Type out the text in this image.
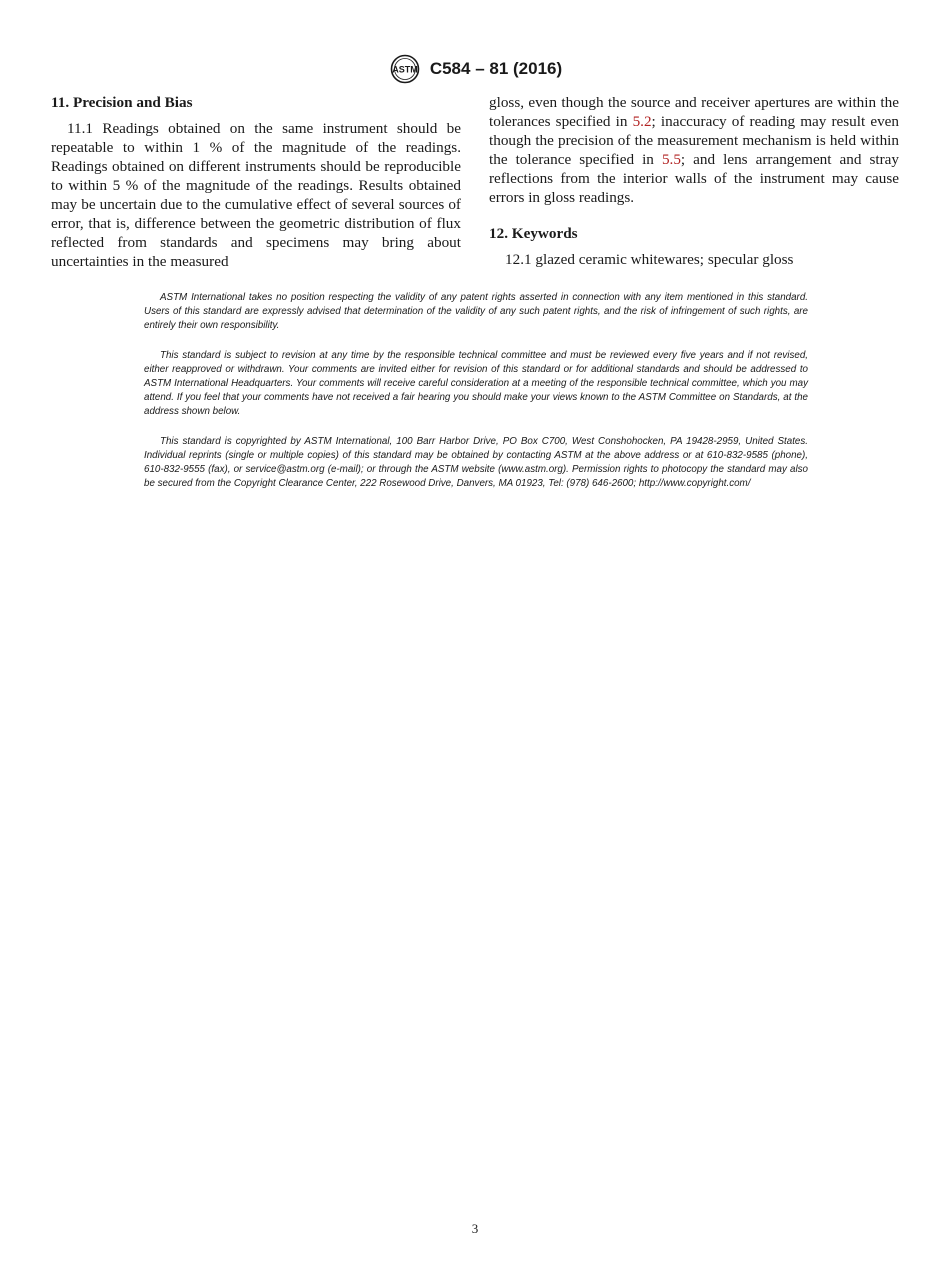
ASTM C584 – 81 (2016)
11. Precision and Bias

11.1 Readings obtained on the same instrument should be repeatable to within 1 % of the magnitude of the readings. Readings obtained on different instruments should be reproducible to within 5 % of the magnitude of the readings. Results obtained may be uncertain due to the cumulative effect of several sources of error, that is, difference between the geometric distribution of flux reflected from standards and specimens may bring about uncertainties in the measured

gloss, even though the source and receiver apertures are within the tolerances specified in 5.2; inaccuracy of reading may result even though the precision of the measurement mechanism is held within the tolerance specified in 5.5; and lens arrangement and stray reflections from the interior walls of the instrument may cause errors in gloss readings.

12. Keywords

12.1 glazed ceramic whitewares; specular gloss

ASTM International takes no position respecting the validity of any patent rights asserted in connection with any item mentioned in this standard. Users of this standard are expressly advised that determination of the validity of any such patent rights, and the risk of infringement of such rights, are entirely their own responsibility.

This standard is subject to revision at any time by the responsible technical committee and must be reviewed every five years and if not revised, either reapproved or withdrawn. Your comments are invited either for revision of this standard or for additional standards and should be addressed to ASTM International Headquarters. Your comments will receive careful consideration at a meeting of the responsible technical committee, which you may attend. If you feel that your comments have not received a fair hearing you should make your views known to the ASTM Committee on Standards, at the address shown below.

This standard is copyrighted by ASTM International, 100 Barr Harbor Drive, PO Box C700, West Conshohocken, PA 19428-2959, United States. Individual reprints (single or multiple copies) of this standard may be obtained by contacting ASTM at the above address or at 610-832-9585 (phone), 610-832-9555 (fax), or service@astm.org (e-mail); or through the ASTM website (www.astm.org). Permission rights to photocopy the standard may also be secured from the Copyright Clearance Center, 222 Rosewood Drive, Danvers, MA 01923, Tel: (978) 646-2600; http://www.copyright.com/

3
